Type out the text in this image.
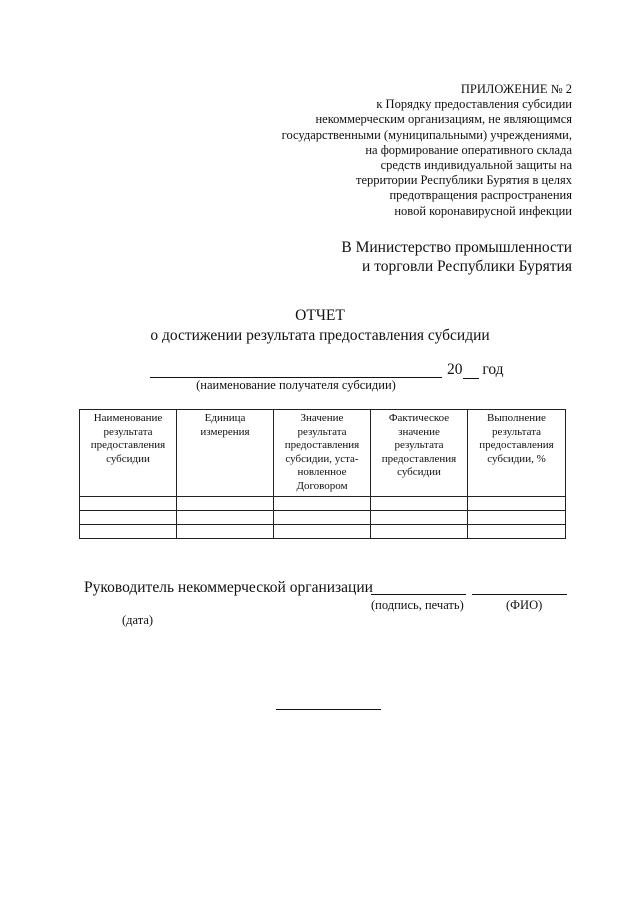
ПРИЛОЖЕНИЕ № 2
к Порядку предоставления субсидии
некоммерческим организациям, не являющимся
государственными (муниципальными) учреждениями,
на формирование оперативного склада
средств индивидуальной защиты на
территории Республики Бурятия в целях
предотвращения распространения
новой коронавирусной инфекции
В Министерство промышленности
и торговли Республики Бурятия
ОТЧЕТ
о достижении результата предоставления субсидии
20 год
(наименование получателя субсидии)
Наименование результата предоставления субсидии	Единица измерения	Значение результата предоставления субсидии, уста-новленное Договором	Фактическое значение результата предоставления субсидии	Выполнение результата предоставления субсидии, %

Руководитель некоммерческой организации
(подпись, печать)	(ФИО)
(дата)
